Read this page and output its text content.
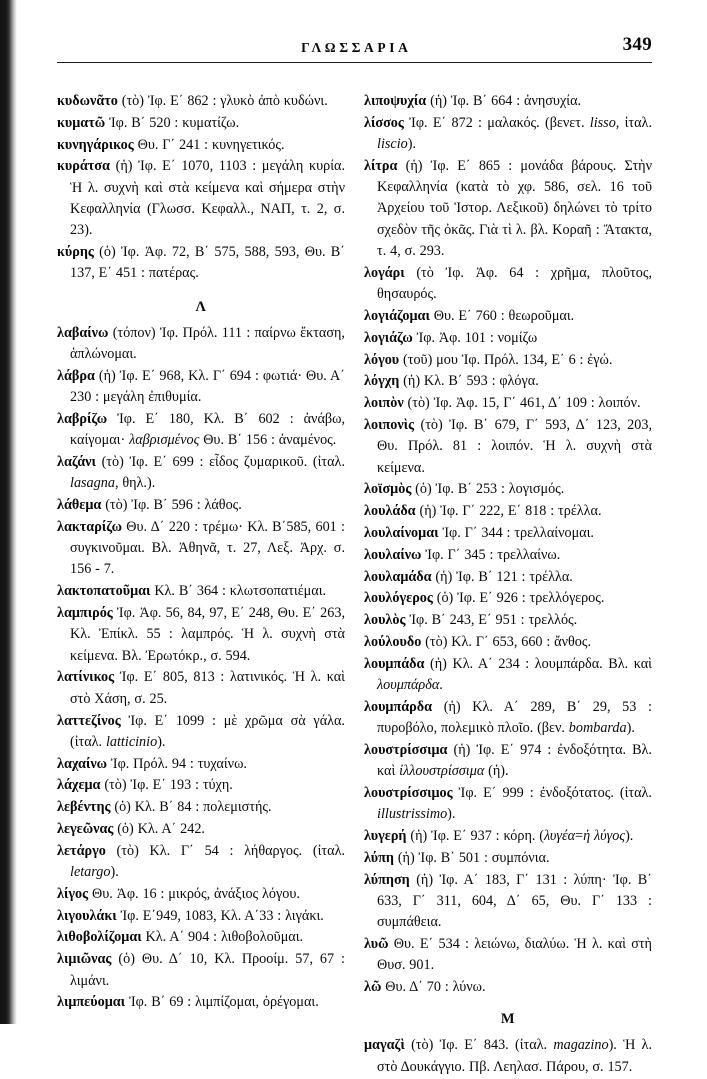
ΓΛΩΣΣΑΡΙΑ	349

κυδωνᾶτο (τὸ) Ἰφ. Ε΄ 862 : γλυκὸ ἀπὸ κυδώνι.

κυματῶ Ἰφ. Β΄ 520 : κυματίζω.

κυνηγάρικος Θυ. Γ΄ 241 : κυνηγετικός.

κυράτσα (ἡ) Ἰφ. Ε΄ 1070, 1103 : μεγάλη κυρία. Ἡ λ. συχνὴ καὶ στὰ κείμενα καὶ σήμερα στὴν Κεφαλληνία (Γλωσσ. Κεφαλλ., ΝΑΠ, τ. 2, σ. 23).

κύρης (ὁ) Ἰφ. Ἀφ. 72, Β΄ 575, 588, 593, Θυ. Β΄ 137, Ε΄ 451 : πατέρας.

Λ

λαβαίνω (τόπον) Ἰφ. Πρόλ. 111 : παίρνω ἔκταση, ἁπλώνομαι.

λάβρα (ἡ) Ἰφ. Ε΄ 968, Κλ. Γ΄ 694 : φωτιά· Θυ. Α΄ 230 : μεγάλη ἐπιθυμία.

λαβρίζω Ἰφ. Ε΄ 180, Κλ. Β΄ 602 : ἀνάβω, καίγομαι· λαβρισμένος Θυ. Β΄ 156 : ἀναμένος.

λαζάνι (τὸ) Ἰφ. Ε΄ 699 : εἶδος ζυμαρικοῦ. (ἰταλ. lasagna, θηλ.).

λάθεμα (τὸ) Ἰφ. Β΄ 596 : λάθος.

λακταρίζω Θυ. Δ΄ 220 : τρέμω· Κλ. Β΄585, 601 : συγκινοῦμαι. Βλ. Ἀθηνᾶ, τ. 27, Λεξ. Ἀρχ. σ. 156 - 7.

λακτοπατοῦμαι Κλ. Β΄ 364 : κλωτσοπατιέμαι.

λαμπιρός Ἰφ. Ἀφ. 56, 84, 97, Ε΄ 248, Θυ. Ε΄ 263, Κλ. Ἐπίκλ. 55 : λαμπρός. Ἡ λ. συχνὴ στὰ κείμενα. Βλ. Ἐρωτόκρ., σ. 594.

λατίνικος Ἰφ. Ε΄ 805, 813 : λατινικός. Ἡ λ. καὶ στὸ Χάση, σ. 25.

λαττεζίνος Ἰφ. Ε΄ 1099 : μὲ χρῶμα σὰ γάλα. (ἰταλ. latticinio).

λαχαίνω Ἰφ. Πρόλ. 94 : τυχαίνω.

λάχεμα (τὸ) Ἰφ. Ε΄ 193 : τύχη.

λεβέντης (ὁ) Κλ. Β΄ 84 : πολεμιστής.

λεγεῶνας (ὁ) Κλ. Α΄ 242.

λετάργο (τὸ) Κλ. Γ΄ 54 : λήθαργος. (ἰταλ. letargo).

λίγος Θυ. Ἀφ. 16 : μικρός, ἀνάξιος λόγου.

λιγουλάκι Ἰφ. Ε΄949, 1083, Κλ. Α΄33 : λιγάκι.

λιθοβολίζομαι Κλ. Α΄ 904 : λιθοβολοῦμαι.

λιμιῶνας (ὁ) Θυ. Δ΄ 10, Κλ. Προοίμ. 57, 67 : λιμάνι.

λιμπεύομαι Ἰφ. Β΄ 69 : λιμπίζομαι, ὀρέγομαι.

λιποψυχία (ἡ) Ἰφ. Β΄ 664 : ἀνησυχία.

λίσσος Ἰφ. Ε΄ 872 : μαλακός. (βενετ. lisso, ἰταλ. liscio).

λίτρα (ἡ) Ἰφ. Ε΄ 865 : μονάδα βάρους. Στὴν Κεφαλληνία (κατὰ τὸ χφ. 586, σελ. 16 τοῦ Ἀρχείου τοῦ Ἱστορ. Λεξικοῦ) δηλώνει τὸ τρίτο σχεδὸν τῆς ὀκᾶς. Γιὰ τὶ λ. βλ. Κοραῆ : Ἄτακτα, τ. 4, σ. 293.

λογάρι (τὸ Ἰφ. Ἀφ. 64 : χρῆμα, πλοῦτος, θησαυρός.

λογιάζομαι Θυ. Ε΄ 760 : θεωροῦμαι.

λογιάζω Ἰφ. Ἀφ. 101 : νομίζω

λόγου (τοῦ) μου Ἰφ. Πρόλ. 134, Ε΄ 6 : ἐγώ.

λόγχη (ἡ) Κλ. Β΄ 593 : φλόγα.

λοιπὸν (τὸ) Ἰφ. Ἀφ. 15, Γ΄ 461, Δ΄ 109 : λοιπόν.

λοιπονὶς (τὸ) Ἰφ. Β΄ 679, Γ΄ 593, Δ΄ 123, 203, Θυ. Πρόλ. 81 : λοιπόν. Ἡ λ. συχνὴ στὰ κείμενα.

λοϊσμὸς (ὁ) Ἰφ. Β΄ 253 : λογισμός.

λουλάδα (ἡ) Ἰφ. Γ΄ 222, Ε΄ 818 : τρέλλα.

λουλαίνομαι Ἰφ. Γ΄ 344 : τρελλαίνομαι.

λουλαίνω Ἰφ. Γ΄ 345 : τρελλαίνω.

λουλαμάδα (ἡ) Ἰφ. Β΄ 121 : τρέλλα.

λουλόγερος (ὁ) Ἰφ. Ε΄ 926 : τρελλόγερος.

λουλὸς Ἰφ. Β΄ 243, Ε΄ 951 : τρελλός.

λούλουδο (τὸ) Κλ. Γ΄ 653, 660 : ἄνθος.

λουμπάδα (ἡ) Κλ. Α΄ 234 : λουμπάρδα. Βλ. καὶ λουμπάρδα.

λουμπάρδα (ἡ) Κλ. Α΄ 289, Β΄ 29, 53 : πυροβόλο, πολεμικὸ πλοῖο. (βεν. bombarda).

λουστρίσσιμα (ἡ) Ἰφ. Ε΄ 974 : ἐνδοξότητα. Βλ. καὶ ἰλλουστρίσσιμα (ἡ).

λουστρίσσιμος Ἰφ. Ε΄ 999 : ἐνδοξότατος. (ἰταλ. illustrissimo).

λυγερή (ἡ) Ἰφ. Ε΄ 937 : κόρη. (λυγέα=ἡ λύγος).

λύπη (ἡ) Ἰφ. Β΄ 501 : συμπόνια.

λύπηση (ἡ) Ἰφ. Α΄ 183, Γ΄ 131 : λύπη· Ἰφ. Β΄ 633, Γ΄ 311, 604, Δ΄ 65, Θυ. Γ΄ 133 : συμπάθεια.

λυῶ Θυ. Ε΄ 534 : λειώνω, διαλύω. Ἡ λ. καὶ στὴ Θυσ. 901.

λῶ Θυ. Δ΄ 70 : λύνω.

Μ

μαγαζὶ (τὸ) Ἰφ. Ε΄ 843. (ἰταλ. magazino). Ἡ λ. στὸ Δουκάγγιο. Πβ. Λεηλασ. Πάρου, σ. 157.
